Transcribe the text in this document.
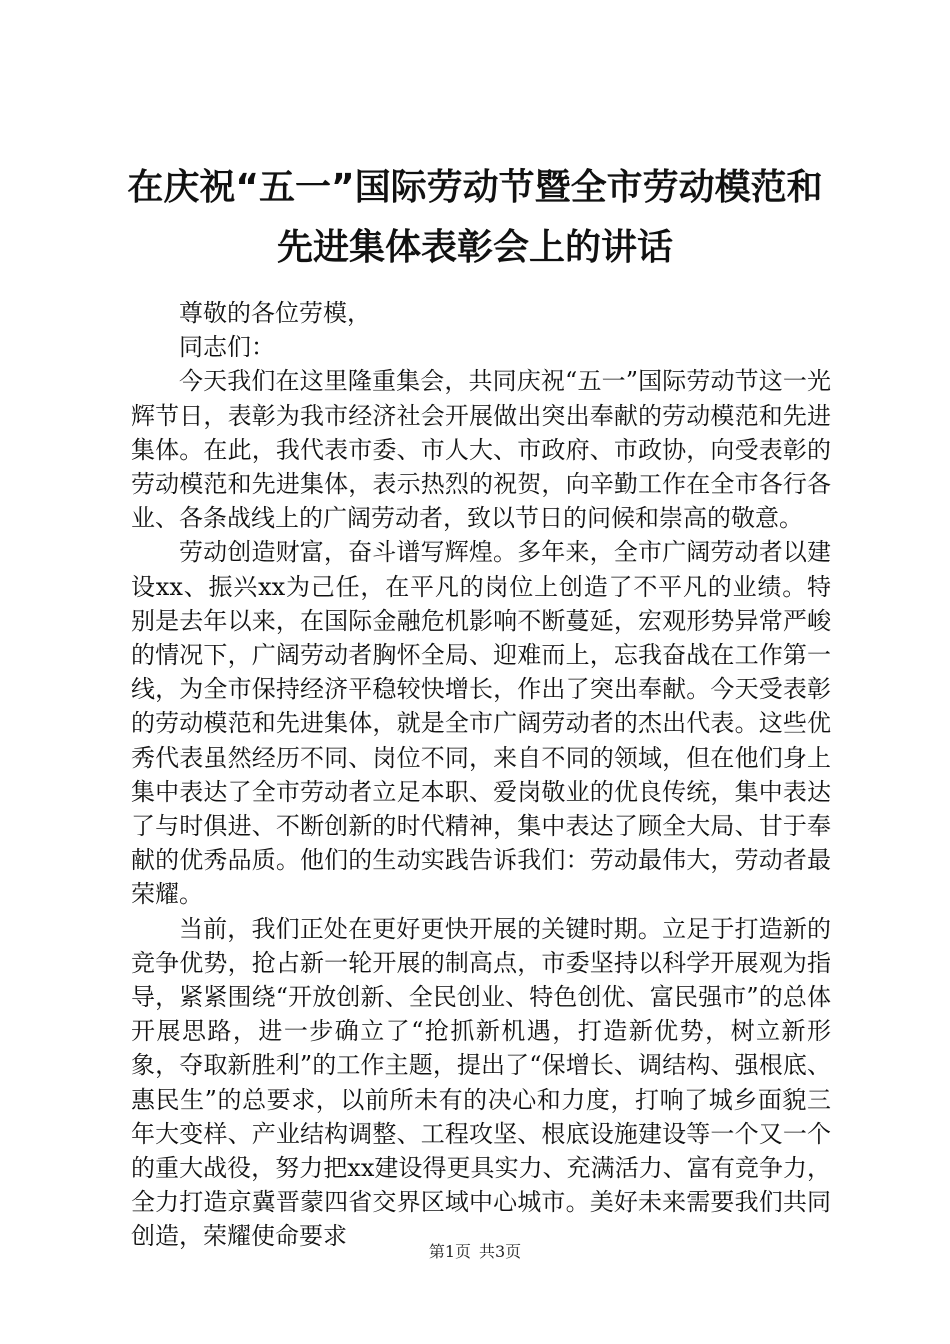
在庆祝“五一”国际劳动节暨全市劳动模范和
先进集体表彰会上的讲话

尊敬的各位劳模，

同志们：

今天我们在这里隆重集会，共同庆祝“五一”国际劳动节这一光辉节日，表彰为我市经济社会开展做出突出奉献的劳动模范和先进集体。在此，我代表市委、市人大、市政府、市政协，向受表彰的劳动模范和先进集体，表示热烈的祝贺，向辛勤工作在全市各行各业、各条战线上的广阔劳动者，致以节日的问候和崇高的敬意。

劳动创造财富，奋斗谱写辉煌。多年来，全市广阔劳动者以建设xx、振兴xx为己任，在平凡的岗位上创造了不平凡的业绩。特别是去年以来，在国际金融危机影响不断蔓延，宏观形势异常严峻的情况下，广阔劳动者胸怀全局、迎难而上，忘我奋战在工作第一线，为全市保持经济平稳较快增长，作出了突出奉献。今天受表彰的劳动模范和先进集体，就是全市广阔劳动者的杰出代表。这些优秀代表虽然经历不同、岗位不同，来自不同的领域，但在他们身上集中表达了全市劳动者立足本职、爱岗敬业的优良传统，集中表达了与时俱进、不断创新的时代精神，集中表达了顾全大局、甘于奉献的优秀品质。他们的生动实践告诉我们：劳动最伟大，劳动者最荣耀。

当前，我们正处在更好更快开展的关键时期。立足于打造新的竞争优势，抢占新一轮开展的制高点，市委坚持以科学开展观为指导，紧紧围绕“开放创新、全民创业、特色创优、富民强市”的总体开展思路，进一步确立了“抢抓新机遇，打造新优势，树立新形象，夺取新胜利”的工作主题，提出了“保增长、调结构、强根底、惠民生”的总要求，以前所未有的决心和力度，打响了城乡面貌三年大变样、产业结构调整、工程攻坚、根底设施建设等一个又一个的重大战役，努力把xx建设得更具实力、充满活力、富有竞争力，全力打造京冀晋蒙四省交界区域中心城市。美好未来需要我们共同创造，荣耀使命要求

第1页 共3页
